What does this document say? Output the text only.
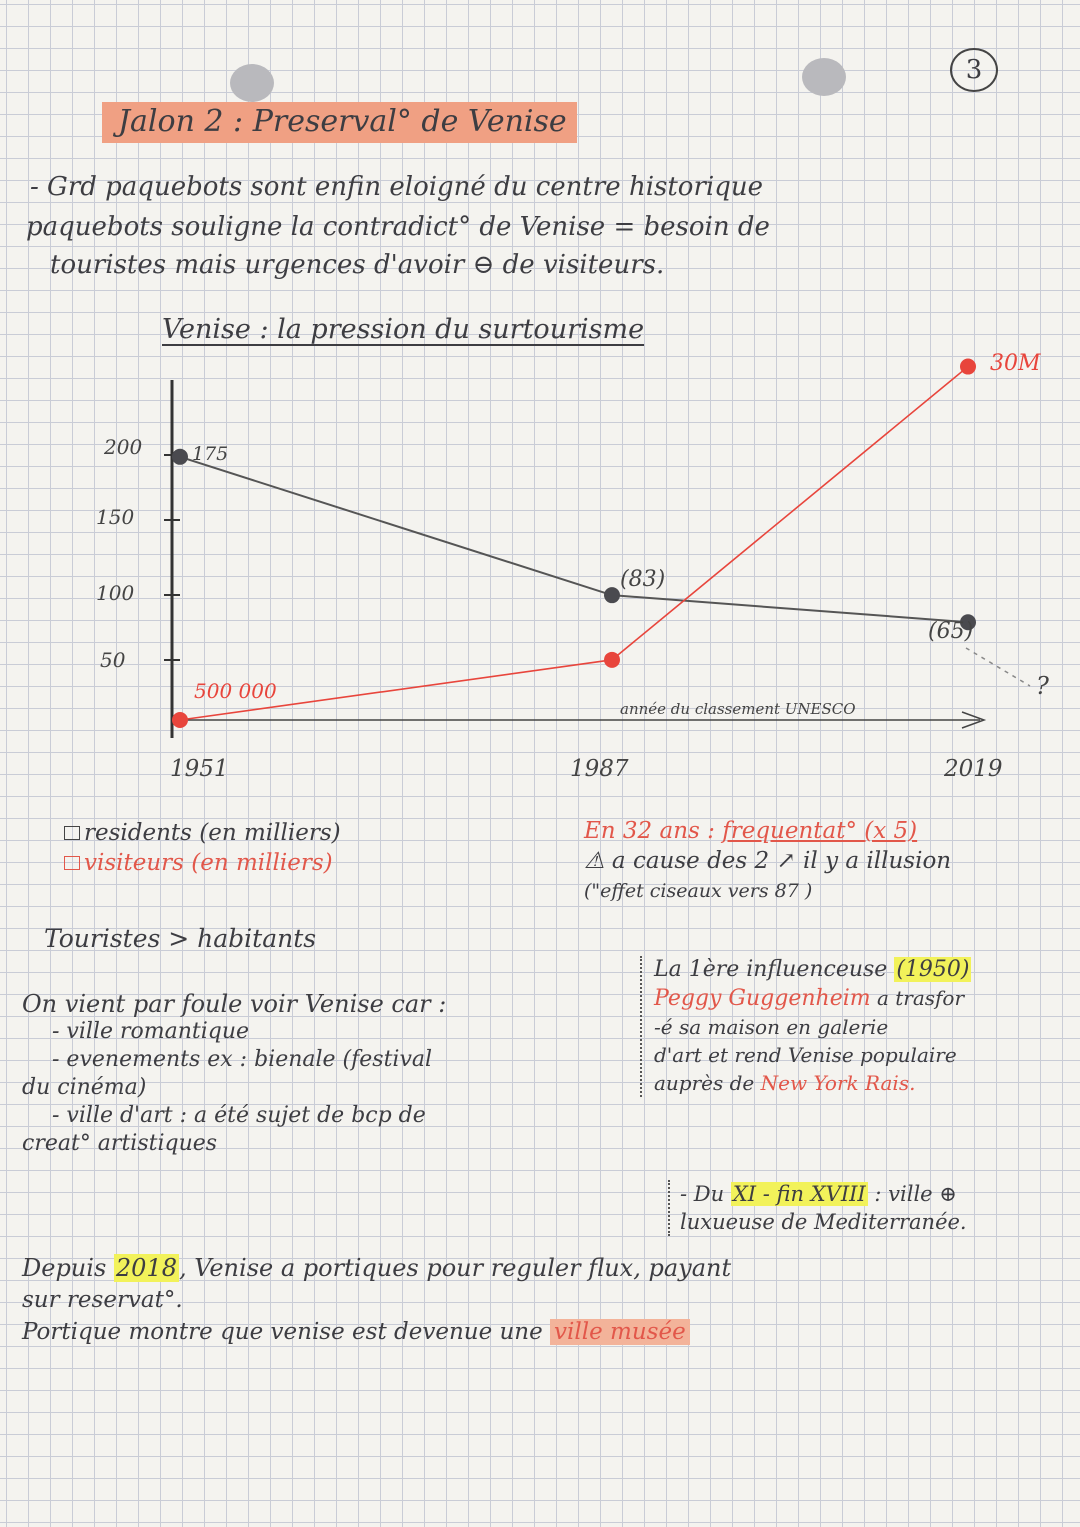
3
Jalon 2 : Preserval° de Venise
- Grd paquebots sont enfin eloigné du centre historique
paquebots souligne la contradict° de Venise = besoin de
touristes mais urgences d'avoir ⊖ de visiteurs.
Venise : la pression du surtourisme
200
150
100
50
175
(83)
(65)
500 000
30M
année du classement UNESCO
?
1951	1987	2019
residents (en milliers)
visiteurs (en milliers)
En 32 ans : frequentat° (x 5)
⚠ a cause des 2 ↗ il y a illusion
("effet ciseaux vers 87 )
Touristes > habitants
On vient par foule voir Venise car :
- ville romantique
- evenements ex : bienale (festival
du cinéma)
- ville d'art : a été sujet de bcp de
creat° artistiques
La 1ère influenceuse (1950)
Peggy Guggenheim a trasfor
-é sa maison en galerie
d'art et rend Venise populaire
auprès de New York Rais.
- Du XI - fin XVIII : ville ⊕
luxueuse de Mediterranée.
Depuis 2018, Venise a portiques pour reguler flux, payant
sur reservat°.
Portique montre que venise est devenue une ville musée
